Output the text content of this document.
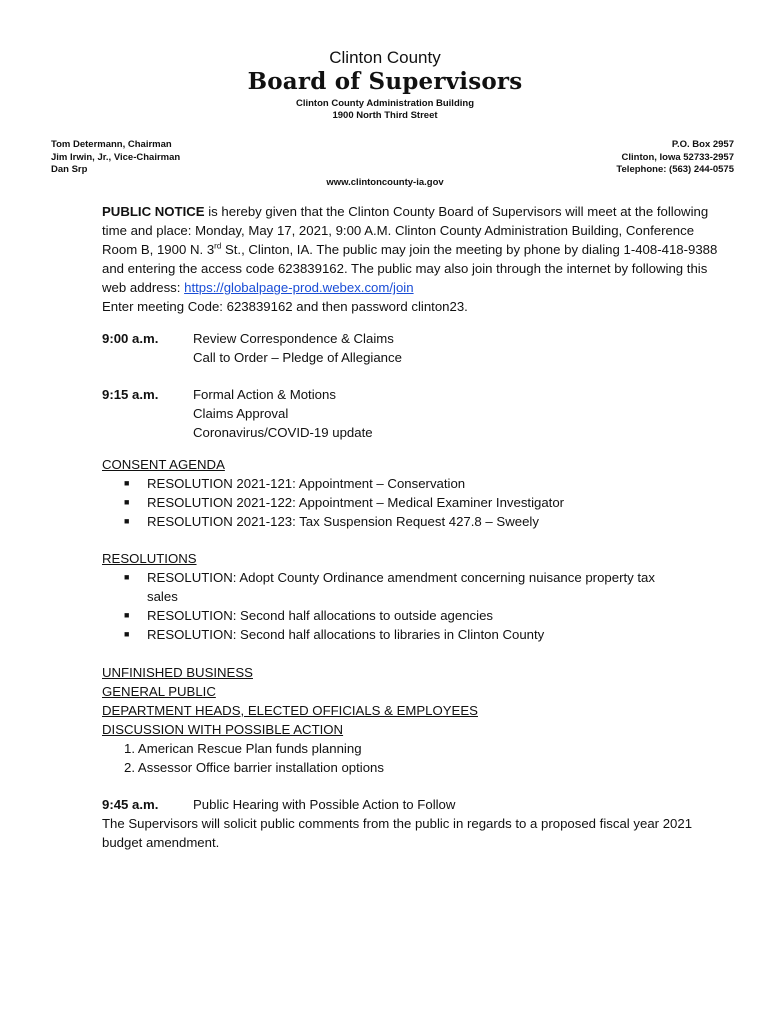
Clinton County
Board of Supervisors
Clinton County Administration Building
1900 North Third Street
Tom Determann, Chairman
Jim Irwin, Jr., Vice-Chairman
Dan Srp
P.O. Box 2957
Clinton, Iowa 52733-2957
Telephone: (563) 244-0575
www.clintoncounty-ia.gov
PUBLIC NOTICE is hereby given that the Clinton County Board of Supervisors will meet at the following time and place: Monday, May 17, 2021, 9:00 A.M. Clinton County Administration Building, Conference Room B, 1900 N. 3rd St., Clinton, IA. The public may join the meeting by phone by dialing 1-408-418-9388 and entering the access code 623839162. The public may also join through the internet by following this web address: https://globalpage-prod.webex.com/join
Enter meeting Code: 623839162 and then password clinton23.
9:00 a.m.	Review Correspondence & Claims
Call to Order – Pledge of Allegiance
9:15 a.m.	Formal Action & Motions
Claims Approval
Coronavirus/COVID-19 update
CONSENT AGENDA
■ RESOLUTION 2021-121: Appointment – Conservation
■ RESOLUTION 2021-122: Appointment – Medical Examiner Investigator
■ RESOLUTION 2021-123: Tax Suspension Request 427.8 – Sweely
RESOLUTIONS
■ RESOLUTION: Adopt County Ordinance amendment concerning nuisance property tax sales
■ RESOLUTION: Second half allocations to outside agencies
■ RESOLUTION: Second half allocations to libraries in Clinton County
UNFINISHED BUSINESS
GENERAL PUBLIC
DEPARTMENT HEADS, ELECTED OFFICIALS & EMPLOYEES
DISCUSSION WITH POSSIBLE ACTION
1. American Rescue Plan funds planning
2. Assessor Office barrier installation options
9:45 a.m.	Public Hearing with Possible Action to Follow
The Supervisors will solicit public comments from the public in regards to a proposed fiscal year 2021 budget amendment.
